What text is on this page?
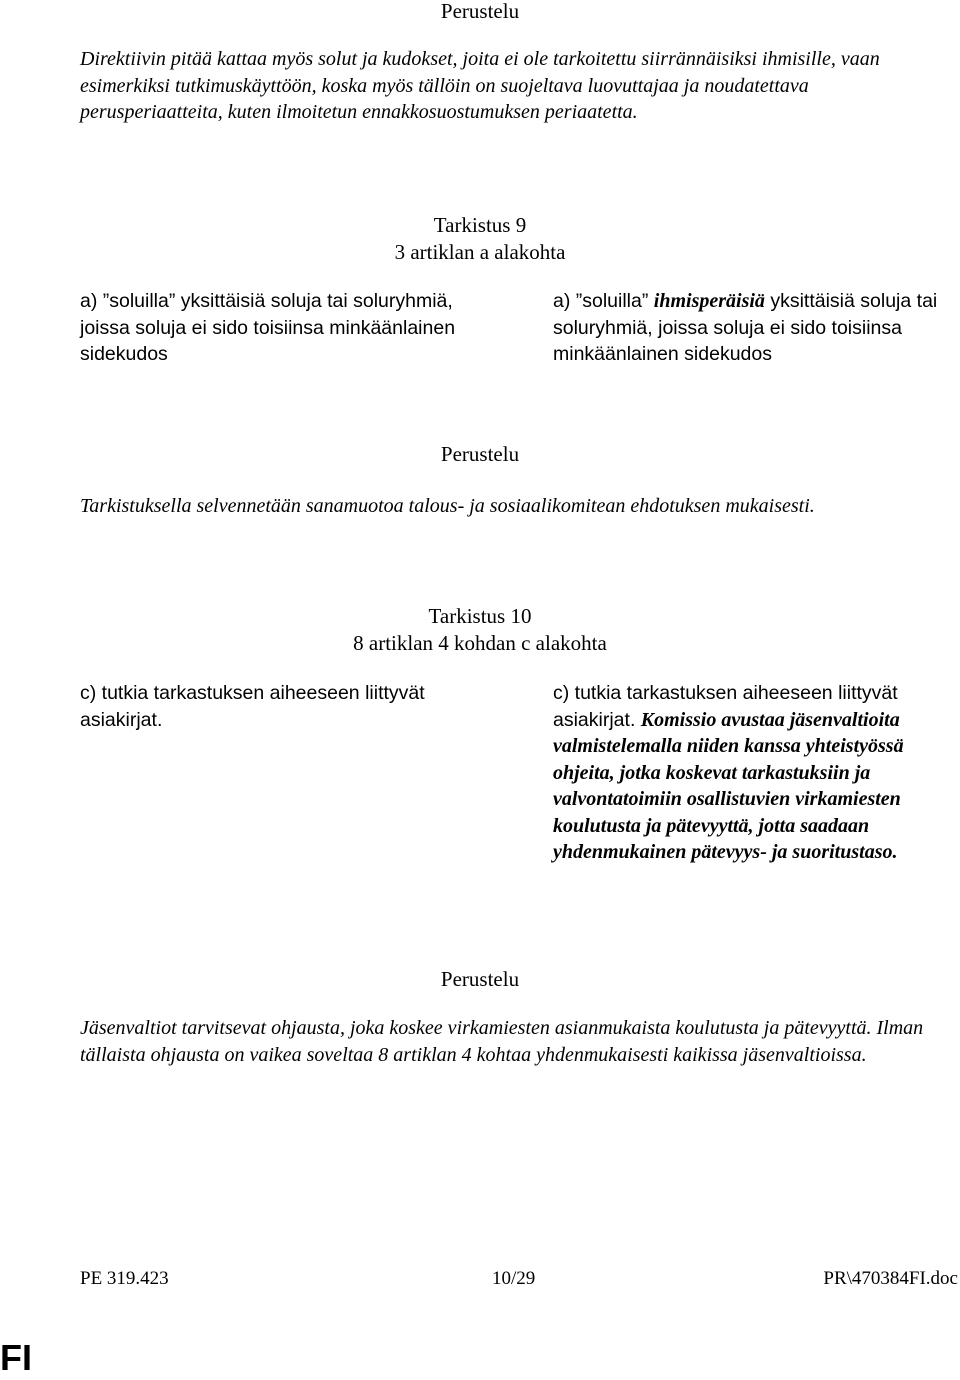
Perustelu
Direktiivin pitää kattaa myös solut ja kudokset, joita ei ole tarkoitettu siirrännäisiksi ihmisille, vaan esimerkiksi tutkimuskäyttöön, koska myös tällöin on suojeltava luovuttajaa ja noudatettava perusperiaatteita, kuten ilmoitetun ennakkosuostumuksen periaatetta.
Tarkistus 9
3 artiklan a alakohta
a) ”soluilla” yksittäisiä soluja tai soluryhmiä, joissa soluja ei sido toisiinsa minkäänlainen sidekudos
a) ”soluilla” ihmisperäisiä yksittäisiä soluja tai soluryhmiä, joissa soluja ei sido toisiinsa minkäänlainen sidekudos
Perustelu
Tarkistuksella selvennetään sanamuotoa talous- ja sosiaalikomitean ehdotuksen mukaisesti.
Tarkistus 10
8 artiklan 4 kohdan c alakohta
c) tutkia tarkastuksen aiheeseen liittyvät asiakirjat.
c) tutkia tarkastuksen aiheeseen liittyvät asiakirjat. Komissio avustaa jäsenvaltioita valmistelemalla niiden kanssa yhteistyössä ohjeita, jotka koskevat tarkastuksiin ja valvontatoimiin osallistuvien virkamiesten koulutusta ja pätevyyttä, jotta saadaan yhdenmukainen pätevyys- ja suoritustaso.
Perustelu
Jäsenvaltiot tarvitsevat ohjausta, joka koskee virkamiesten asianmukaista koulutusta ja pätevyyttä. Ilman tällaista ohjausta on vaikea soveltaa 8 artiklan 4 kohtaa yhdenmukaisesti kaikissa jäsenvaltioissa.
PE 319.423	10/29	PR\470384FI.doc
FI
